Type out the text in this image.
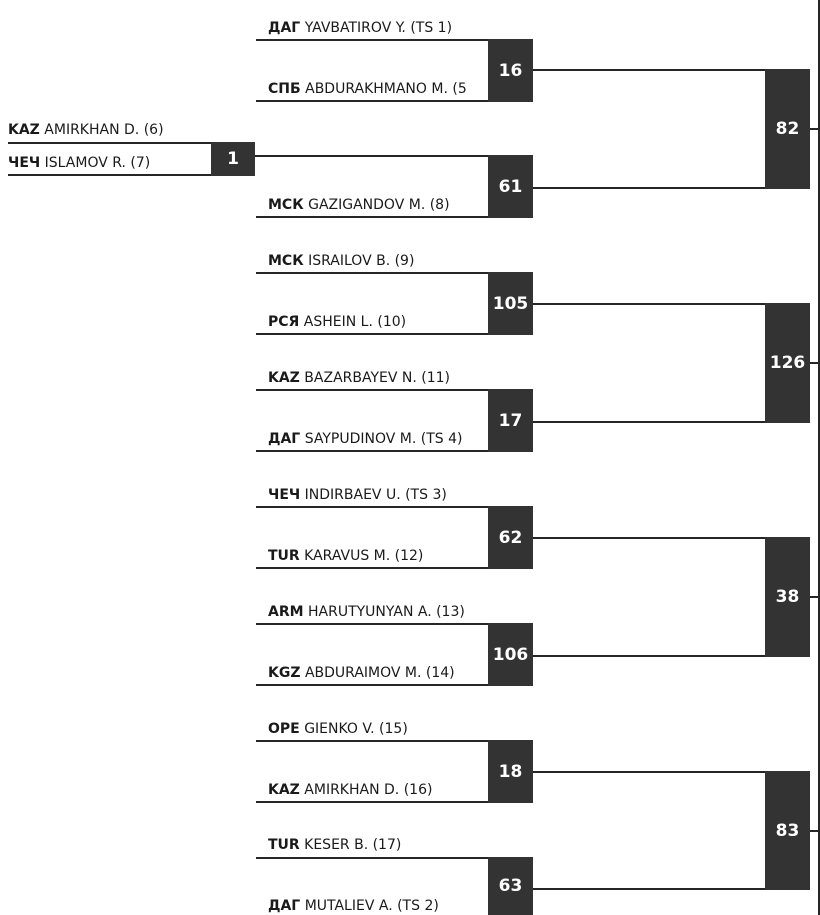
KAZ AMIRKHAN D. (6)
ЧЕЧ ISLAMOV R. (7)	1
ДАГ YAVBATIROV Y. (TS 1)
СПБ ABDURAKHMANO M. (5
16
МСК GAZIGANDOV M. (8)
61
МСК ISRAILOV B. (9)
РСЯ ASHEIN L. (10)
105
KAZ BAZARBAYEV N. (11)
ДАГ SAYPUDINOV M. (TS 4)
17
ЧЕЧ INDIRBAEV U. (TS 3)
TUR KARAVUS M. (12)
62
ARM HARUTYUNYAN A. (13)
KGZ ABDURAIMOV M. (14)
106
OPE GIENKO V. (15)
KAZ AMIRKHAN D. (16)
18
TUR KESER B. (17)
ДАГ MUTALIEV A. (TS 2)
63
82
126
38
83
